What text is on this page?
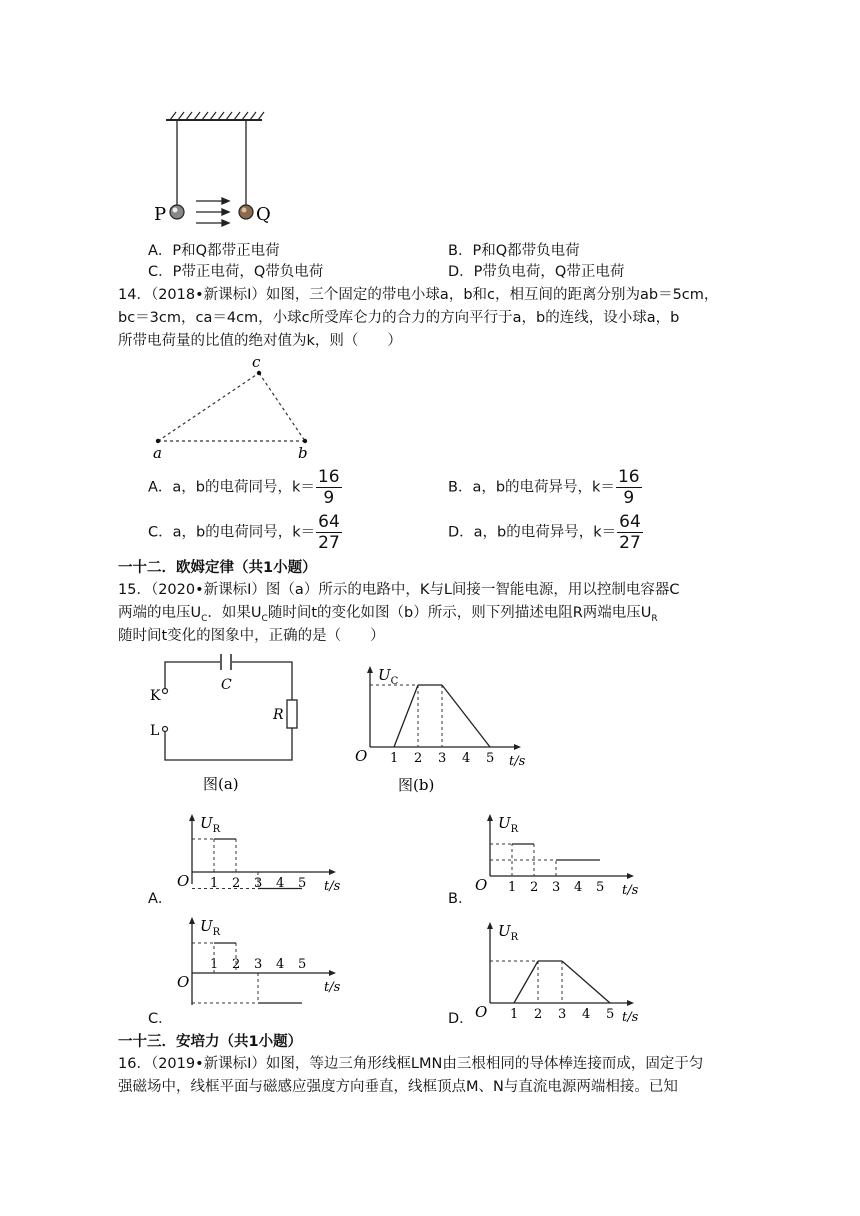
P	Q
A．P和Q都带正电荷	B．P和Q都带负电荷
C．P带正电荷，Q带负电荷	D．P带负电荷，Q带正电荷
14．（2018•新课标Ⅰ）如图，三个固定的带电小球a，b和c，相互间的距离分别为ab＝5cm，
bc＝3cm，ca＝4cm，小球c所受库仑力的合力的方向平行于a，b的连线，设小球a，b
所带电荷量的比值的绝对值为k，则（　　）
a	b
c
A．a，b的电荷同号，$k= \frac{16}{9}$	B．a，b的电荷异号，$k= \frac{16}{9}$
C．a，b的电荷同号，$k= \frac{64}{27}$	D．a，b的电荷异号，$k= \frac{64}{27}$
一十二．欧姆定律（共1小题）
15．（2020•新课标Ⅰ）图（a）所示的电路中，K与L间接一智能电源，用以控制电容器C
两端的电压$U_C$．如果$U_C$随时间t的变化如图（b）所示，则下列描述电阻R两端电压$U_R$
随时间t变化的图象中，正确的是（　　）
K
L
C
R
图(a)
$U_C$
t/s
O 1 2 3 4 5
图(b)
$U_R$
t/s
O 1 2 3 4 5
$U_R$
t/s
O 1 2 3 4 5
$U_R$
t/s
O
1 2 3 4 5
$U_R$
t/s
O 1 2 3 4 5
A．	B．
C．	D．
一十三．安培力（共1小题）
16．（2019•新课标Ⅰ）如图，等边三角形线框LMN由三根相同的导体棒连接而成，固定于匀
强磁场中，线框平面与磁感应强度方向垂直，线框顶点M、N与直流电源两端相接。已知
